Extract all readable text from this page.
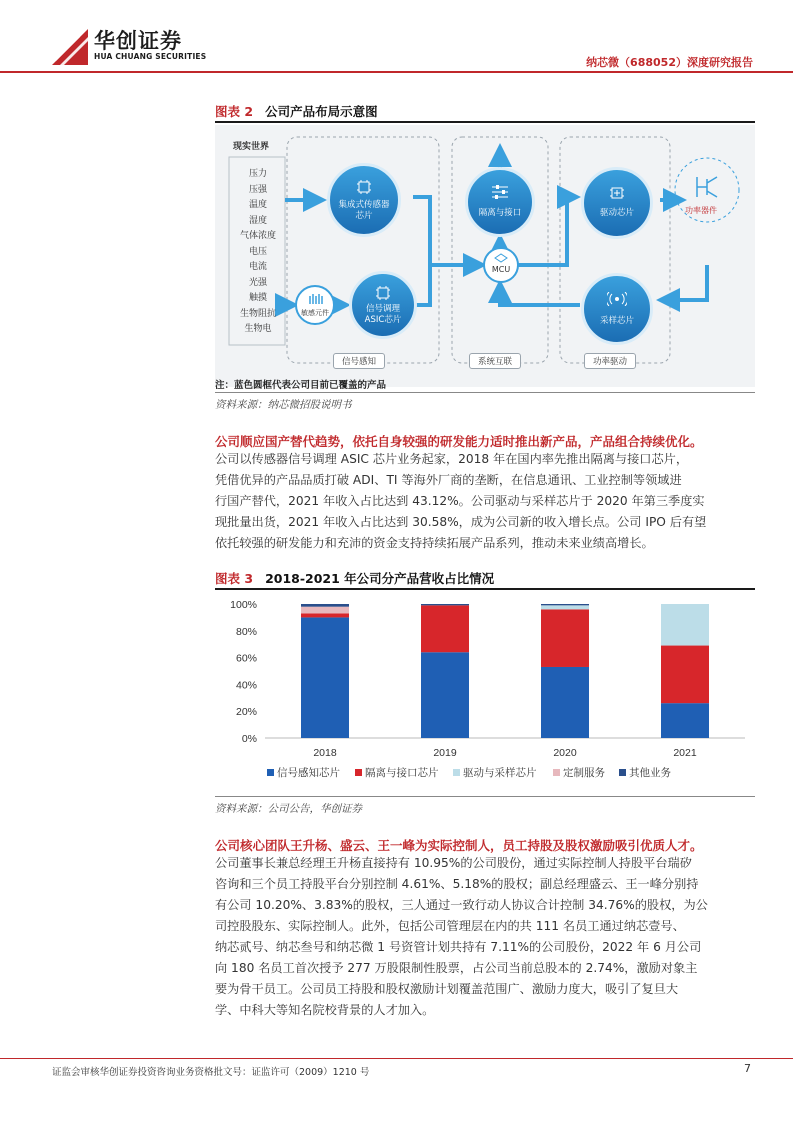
华创证券
HUA CHUANG SECURITIES	纳芯微（688052）深度研究报告
图表 2 公司产品布局示意图
现实世界
压力
压强
温度
湿度
气体浓度
电压
电流
光强
触摸
生物阻抗
生物电
集成式传感器芯片
敏感元件	信号调理ASIC芯片
隔离与接口
MCU
驱动芯片
采样芯片
功率器件
信号感知	系统互联	功率驱动
注：蓝色圆框代表公司目前已覆盖的产品
资料来源：纳芯微招股说明书
公司顺应国产替代趋势，依托自身较强的研发能力适时推出新产品，产品组合持续优化。
公司以传感器信号调理 ASIC 芯片业务起家，2018 年在国内率先推出隔离与接口芯片，
凭借优异的产品品质打破 ADI、TI 等海外厂商的垄断，在信息通讯、工业控制等领域进
行国产替代，2021 年收入占比达到 43.12%。公司驱动与采样芯片于 2020 年第三季度实
现批量出货，2021 年收入占比达到 30.58%，成为公司新的收入增长点。公司 IPO 后有望
依托较强的研发能力和充沛的资金支持持续拓展产品系列，推动未来业绩高增长。
图表 3 2018-2021 年公司分产品营收占比情况
0%
20%
40%
60%
80%
100%
2018	2019	2020	2021
信号感知芯片 隔离与接口芯片 驱动与采样芯片	定制服务 其他业务
资料来源：公司公告，华创证券
公司核心团队王升杨、盛云、王一峰为实际控制人，员工持股及股权激励吸引优质人才。
公司董事长兼总经理王升杨直接持有 10.95%的公司股份，通过实际控制人持股平台瑞矽
咨询和三个员工持股平台分别控制 4.61%、5.18%的股权；副总经理盛云、王一峰分别持
有公司 10.20%、3.83%的股权，三人通过一致行动人协议合计控制 34.76%的股权，为公
司控股股东、实际控制人。此外，包括公司管理层在内的共 111 名员工通过纳芯壹号、
纳芯贰号、纳芯叁号和纳芯微 1 号资管计划共持有 7.11%的公司股份，2022 年 6 月公司
向 180 名员工首次授予 277 万股限制性股票，占公司当前总股本的 2.74%，激励对象主
要为骨干员工。公司员工持股和股权激励计划覆盖范围广、激励力度大，吸引了复旦大
学、中科大等知名院校背景的人才加入。
证监会审核华创证券投资咨询业务资格批文号：证监许可（2009）1210 号	7
